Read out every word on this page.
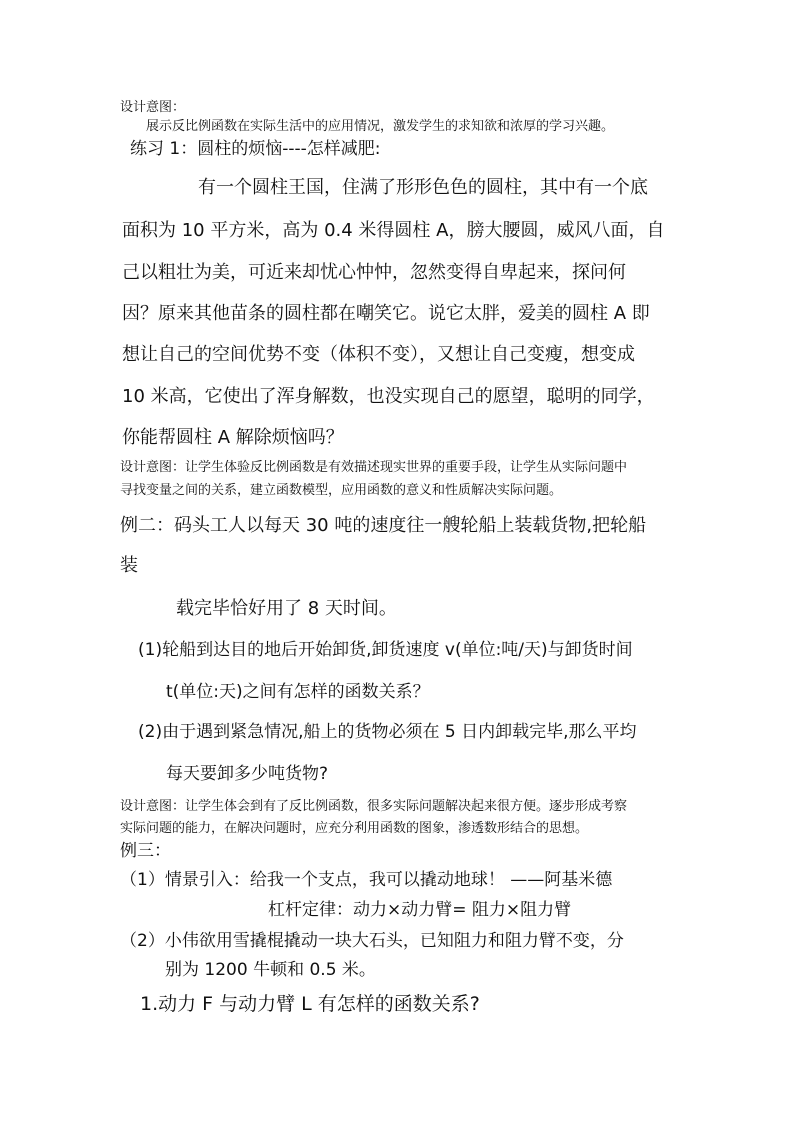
设计意图：
展示反比例函数在实际生活中的应用情况，激发学生的求知欲和浓厚的学习兴趣。
练习 1：圆柱的烦恼----怎样减肥:
有一个圆柱王国，住满了形形色色的圆柱，其中有一个底
面积为 10 平方米，高为 0.4 米得圆柱 A，膀大腰圆，威风八面，自
己以粗壮为美，可近来却忧心忡忡，忽然变得自卑起来，探问何
因？原来其他苗条的圆柱都在嘲笑它。说它太胖，爱美的圆柱 A 即
想让自己的空间优势不变（体积不变），又想让自己变瘦，想变成
10 米高，它使出了浑身解数，也没实现自己的愿望，聪明的同学，
你能帮圆柱 A 解除烦恼吗？
设计意图：让学生体验反比例函数是有效描述现实世界的重要手段，让学生从实际问题中
寻找变量之间的关系，建立函数模型，应用函数的意义和性质解决实际问题。
例二：码头工人以每天 30 吨的速度往一艘轮船上装载货物,把轮船
装
载完毕恰好用了 8 天时间。
(1)轮船到达目的地后开始卸货,卸货速度 v(单位:吨/天)与卸货时间
t(单位:天)之间有怎样的函数关系？
(2)由于遇到紧急情况,船上的货物必须在 5 日内卸载完毕,那么平均
每天要卸多少吨货物?
设计意图：让学生体会到有了反比例函数，很多实际问题解决起来很方便。逐步形成考察
实际问题的能力，在解决问题时，应充分利用函数的图象，渗透数形结合的思想。
例三：
（1）情景引入：给我一个支点，我可以撬动地球！ ——阿基米德
杠杆定律：动力×动力臂= 阻力×阻力臂
（2）小伟欲用雪撬棍撬动一块大石头，已知阻力和阻力臂不变，分
别为 1200 牛顿和 0.5 米。
1.动力 F 与动力臂 L 有怎样的函数关系?
